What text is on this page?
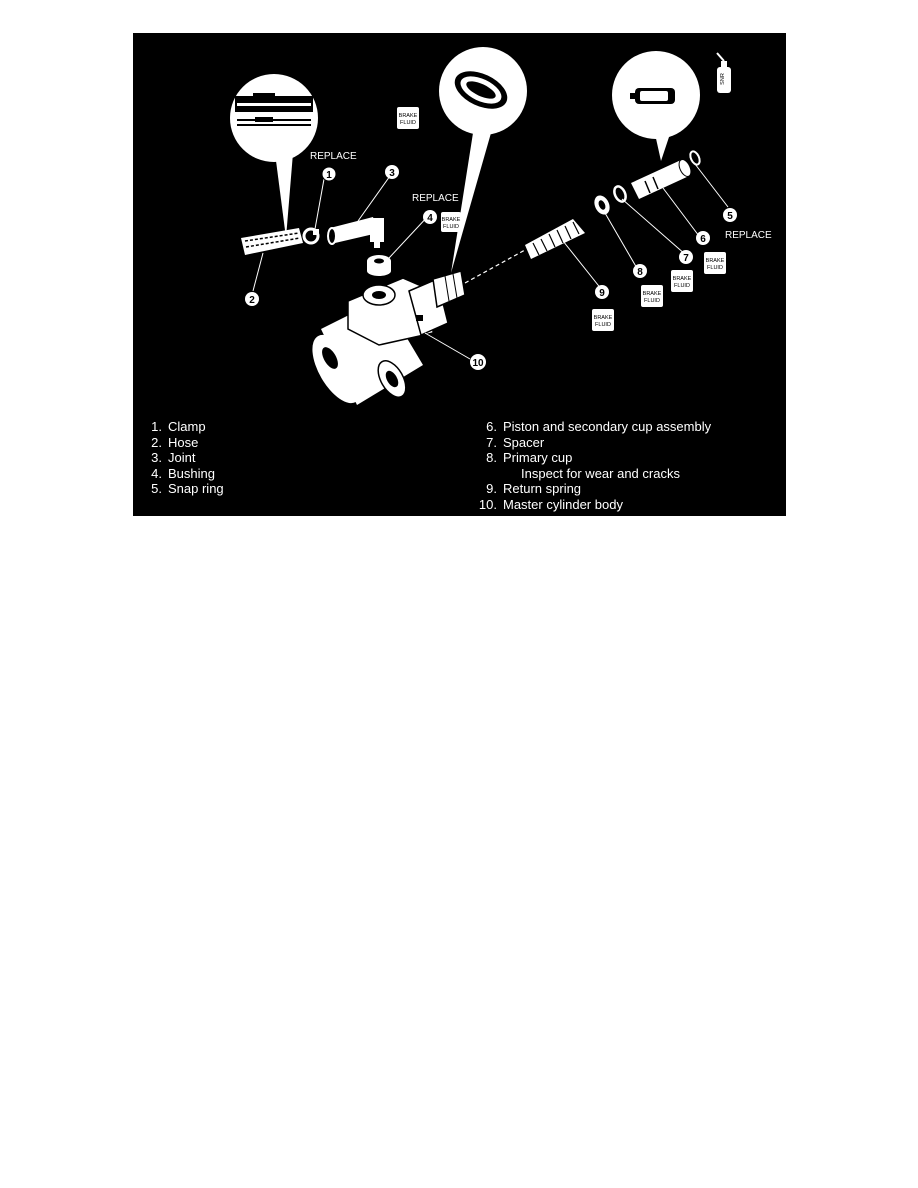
SNR
BRAKE
FLUID
BRAKE
FLUID
BRAKE
FLUID
BRAKE
FLUID
BRAKE
FLUID
BRAKE
FLUID
1
2
3
4	5
6
7
8
9
10
REPLACE
REPLACE
REPLACE
1. Clamp
2. Hose
3. Joint
4. Bushing
5. Snap ring
6. Piston and secondary cup assembly
7. Spacer
8. Primary cup
Inspect for wear and cracks
9. Return spring
10. Master cylinder body
